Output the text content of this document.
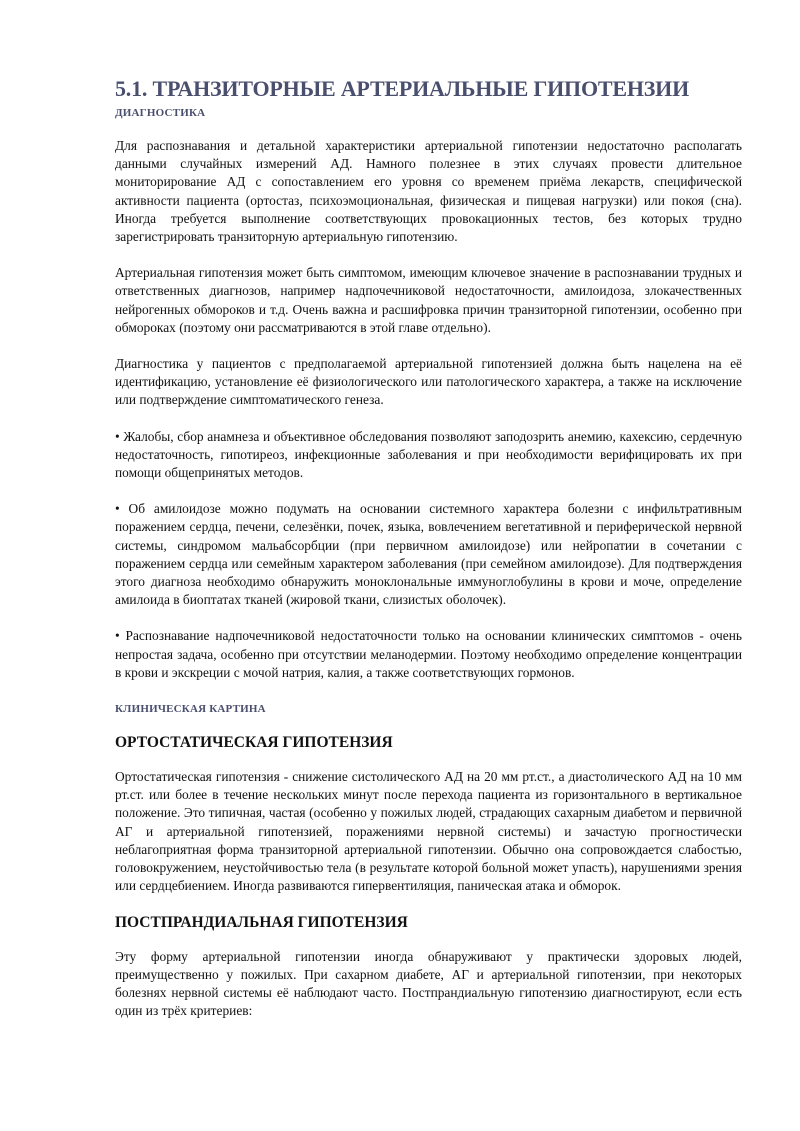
5.1. ТРАНЗИТОРНЫЕ АРТЕРИАЛЬНЫЕ ГИПОТЕНЗИИ
ДИАГНОСТИКА

Для распознавания и детальной характеристики артериальной гипотензии недостаточно располагать данными случайных измерений АД. Намного полезнее в этих случаях провести длительное мониторирование АД с сопоставлением его уровня со временем приёма лекарств, специфической активности пациента (ортостаз, психоэмоциональная, физическая и пищевая нагрузки) или покоя (сна). Иногда требуется выполнение соответствующих провокационных тестов, без которых трудно зарегистрировать транзиторную артериальную гипотензию.

Артериальная гипотензия может быть симптомом, имеющим ключевое значение в распознавании трудных и ответственных диагнозов, например надпочечниковой недостаточности, амилоидоза, злокачественных нейрогенных обмороков и т.д. Очень важна и расшифровка причин транзиторной гипотензии, особенно при обмороках (поэтому они рассматриваются в этой главе отдельно).

Диагностика у пациентов с предполагаемой артериальной гипотензией должна быть нацелена на её идентификацию, установление её физиологического или патологического характера, а также на исключение или подтверждение симптоматического генеза.

• Жалобы, сбор анамнеза и объективное обследования позволяют заподозрить анемию, кахексию, сердечную недостаточность, гипотиреоз, инфекционные заболевания и при необходимости верифицировать их при помощи общепринятых методов.

• Об амилоидозе можно подумать на основании системного характера болезни с инфильтративным поражением сердца, печени, селезёнки, почек, языка, вовлечением вегетативной и периферической нервной системы, синдромом мальабсорбции (при первичном амилоидозе) или нейропатии в сочетании с поражением сердца или семейным характером заболевания (при семейном амилоидозе). Для подтверждения этого диагноза необходимо обнаружить моноклональные иммуноглобулины в крови и моче, определение амилоида в биоптатах тканей (жировой ткани, слизистых оболочек).

• Распознавание надпочечниковой недостаточности только на основании клинических симптомов - очень непростая задача, особенно при отсутствии меланодермии. Поэтому необходимо определение концентрации в крови и экскреции с мочой натрия, калия, а также соответствующих гормонов.

КЛИНИЧЕСКАЯ КАРТИНА
ОРТОСТАТИЧЕСКАЯ ГИПОТЕНЗИЯ

Ортостатическая гипотензия - снижение систолического АД на 20 мм рт.ст., а диастолического АД на 10 мм рт.ст. или более в течение нескольких минут после перехода пациента из горизонтального в вертикальное положение. Это типичная, частая (особенно у пожилых людей, страдающих сахарным диабетом и первичной АГ и артериальной гипотензией, поражениями нервной системы) и зачастую прогностически неблагоприятная форма транзиторной артериальной гипотензии. Обычно она сопровождается слабостью, головокружением, неустойчивостью тела (в результате которой больной может упасть), нарушениями зрения или сердцебиением. Иногда развиваются гипервентиляция, паническая атака и обморок.

ПОСТПРАНДИАЛЬНАЯ ГИПОТЕНЗИЯ

Эту форму артериальной гипотензии иногда обнаруживают у практически здоровых людей, преимущественно у пожилых. При сахарном диабете, АГ и артериальной гипотензии, при некоторых болезнях нервной системы её наблюдают часто. Постпрандиальную гипотензию диагностируют, если есть один из трёх критериев:
